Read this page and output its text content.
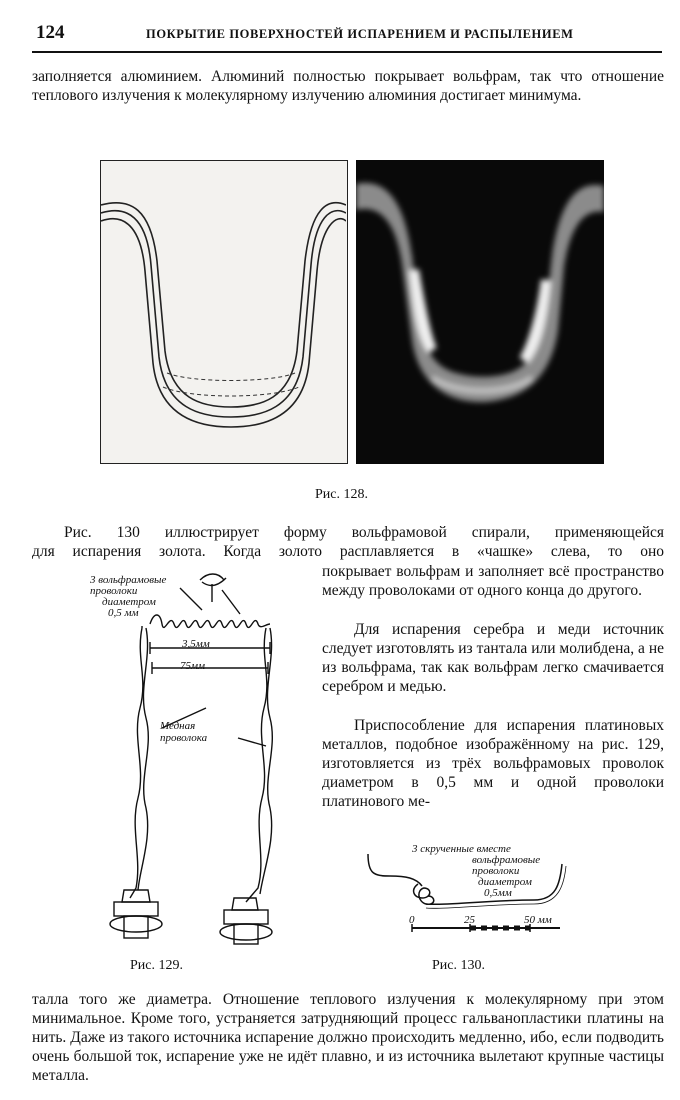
124	ПОКРЫТИЕ ПОВЕРХНОСТЕЙ ИСПАРЕНИЕМ И РАСПЫЛЕНИЕМ
заполняется алюминием. Алюминий полностью покрывает вольфрам, так что отношение теплового излучения к молекулярному излучению алюминия достигает минимума.
Рис. 128.
Рис. 130 иллюстрирует форму вольфрамовой спирали, применяющейся
для испарения золота. Когда золото расплавляется в «чашке» слева, то оно
покрывает вольфрам и заполняет всё пространство между проволоками от одного конца до другого.
Для испарения серебра и меди источник следует изготовлять из тантала или молибдена, а не из вольфрама, так как вольфрам легко смачивается серебром и медью.
Приспособление для испарения платиновых металлов, подобное изображённому на рис. 129, изготовляется из трёх вольфрамовых проволок диаметром в 0,5 мм и одной проволоки платинового ме-
3 вольфрамовые
проволоки
диаметром
0,5 мм
3,5мм
75мм
Медная
проволока
Рис. 129.
3 скрученные вместе
вольфрамовые
проволоки
диаметром
0,5мм
0	25	50 мм
Рис. 130.
талла того же диаметра. Отношение теплового излучения к молекулярному при этом минимальное. Кроме того, устраняется затрудняющий процесс гальванопластики платины на нить. Даже из такого источника испарение должно происходить медленно, ибо, если подводить очень большой ток, испарение уже не идёт плавно, и из источника вылетают крупные частицы металла.
